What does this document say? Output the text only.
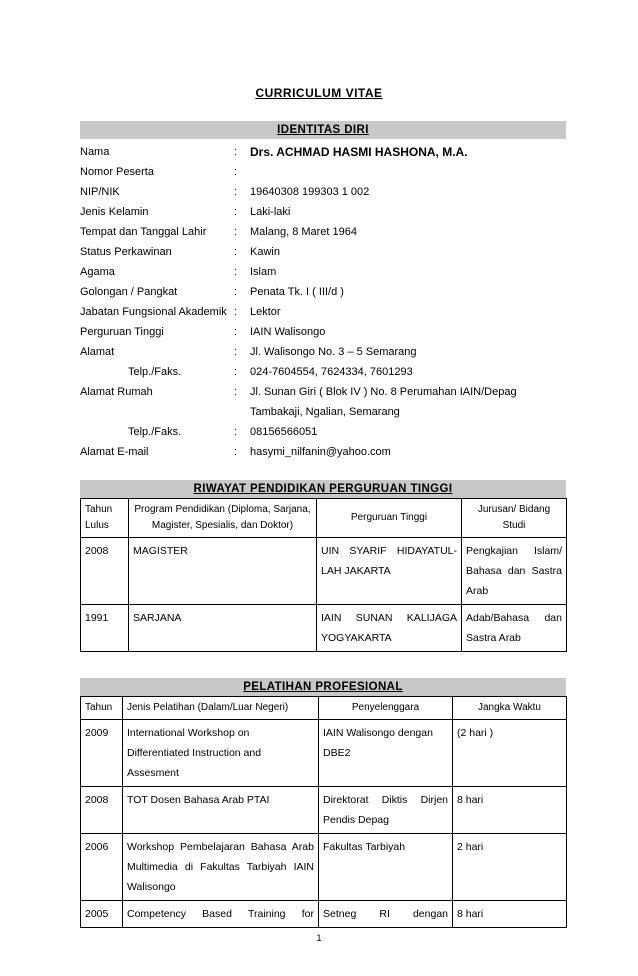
CURRICULUM VITAE
IDENTITAS DIRI
Nama	: Drs. ACHMAD HASMI HASHONA, M.A.
Nomor Peserta	:
NIP/NIK	: 19640308 199303 1 002
Jenis Kelamin	: Laki-laki
Tempat dan Tanggal Lahir	: Malang, 8 Maret 1964
Status Perkawinan	: Kawin
Agama	: Islam
Golongan / Pangkat	: Penata Tk. I ( III/d )
Jabatan Fungsional Akademik : Lektor
Perguruan Tinggi	: IAIN Walisongo
Alamat	: Jl. Walisongo No. 3 – 5 Semarang
Telp./Faks.	: 024-7604554, 7624334, 7601293
Alamat Rumah	: Jl. Sunan Giri ( Blok IV ) No. 8 Perumahan IAIN/Depag
Tambakaji, Ngalian, Semarang
Telp./Faks.	: 08156566051
Alamat E-mail	: hasymi_nilfanin@yahoo.com
RIWAYAT PENDIDIKAN PERGURUAN TINGGI
Tahun Lulus	Program Pendidikan (Diploma, Sarjana, Magister, Spesialis, dan Doktor)	Perguruan Tinggi	Jurusan/ Bidang Studi
2008	MAGISTER	UIN SYARIF HIDAYATUL-LAH JAKARTA	Pengkajian Islam/ Bahasa dan Sastra Arab
1991	SARJANA	IAIN SUNAN KALIJAGA YOGYAKARTA	Adab/Bahasa dan Sastra Arab
PELATIHAN PROFESIONAL
Tahun	Jenis Pelatihan (Dalam/Luar Negeri)	Penyelenggara	Jangka Waktu
2009	International Workshop on Differentiated Instruction and Assesment	IAIN Walisongo dengan DBE2	(2 hari )
2008	TOT Dosen Bahasa Arab PTAI	Direktorat Diktis Dirjen Pendis Depag	8 hari
2006	Workshop Pembelajaran Bahasa Arab Multimedia di Fakultas Tarbiyah IAIN Walisongo	Fakultas Tarbiyah	2 hari
2005	Competency Based Training for	Setneg RI dengan	8 hari
1
